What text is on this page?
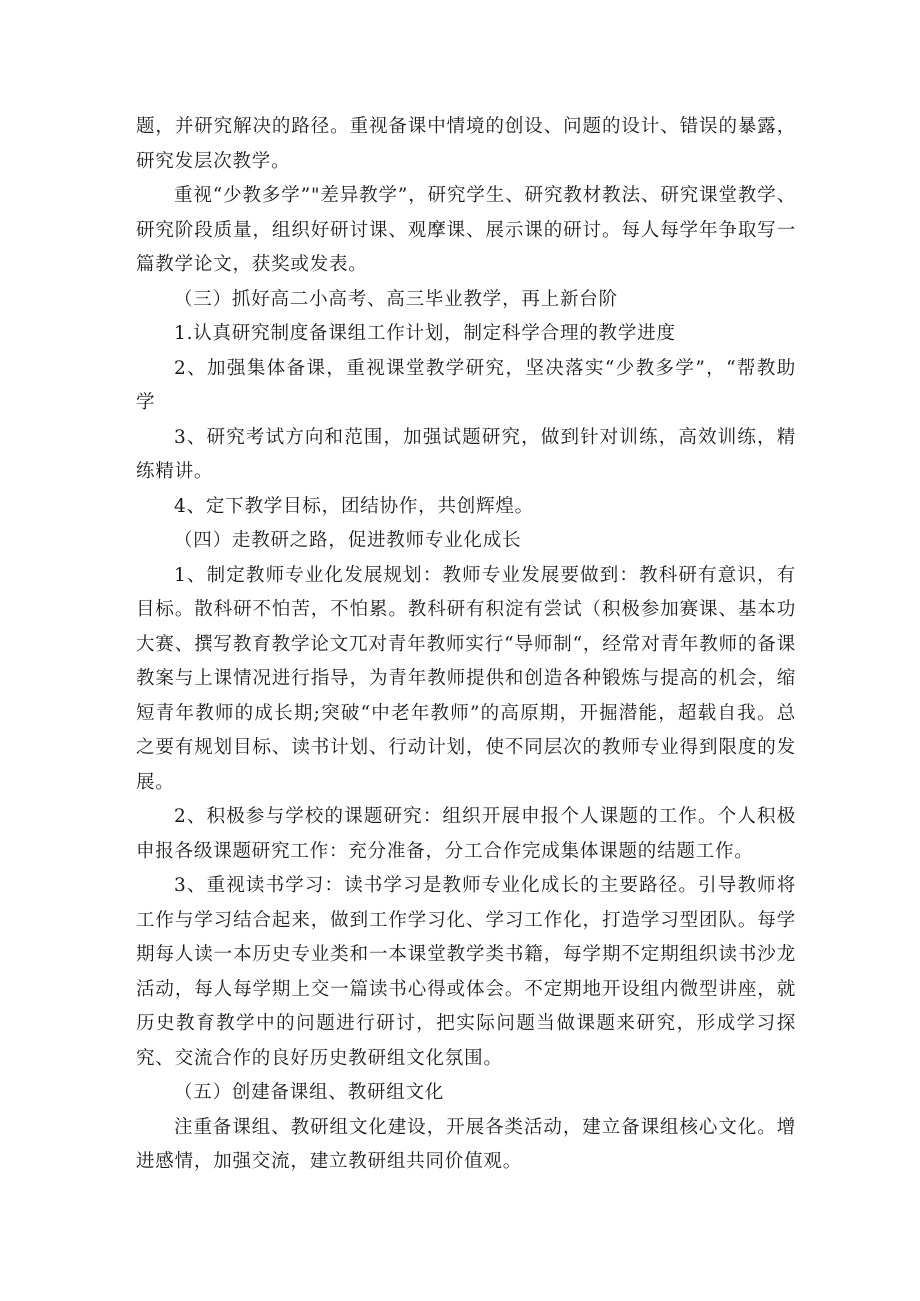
题，并研究解决的路径。重视备课中情境的创设、问题的设计、错误的暴露，研究发层次教学。

重视“少教多学”"差异教学”，研究学生、研究教材教法、研究课堂教学、研究阶段质量，组织好研讨课、观摩课、展示课的研讨。每人每学年争取写一篇教学论文，获奖或发表。

（三）抓好高二小高考、高三毕业教学，再上新台阶

1.认真研究制度备课组工作计划，制定科学合理的教学进度

2、加强集体备课，重视课堂教学研究，坚决落实“少教多学”，“帮教助学

3、研究考试方向和范围，加强试题研究，做到针对训练，高效训练，精练精讲。

4、定下教学目标，团结协作，共创辉煌。

（四）走教研之路，促进教师专业化成长

1、制定教师专业化发展规划：教师专业发展要做到：教科研有意识，有目标。散科研不怕苦，不怕累。教科研有积淀有尝试（积极参加赛课、基本功大赛、撰写教育教学论文兀对青年教师实行“导师制“，经常对青年教师的备课教案与上课情况进行指导，为青年教师提供和创造各种锻炼与提高的机会，缩短青年教师的成长期;突破“中老年教师”的高原期，开掘潜能，超载自我。总之要有规划目标、读书计划、行动计划，使不同层次的教师专业得到限度的发展。

2、积极参与学校的课题研究：组织开展申报个人课题的工作。个人积极申报各级课题研究工作：充分准备，分工合作完成集体课题的结题工作。

3、重视读书学习：读书学习是教师专业化成长的主要路径。引导教师将工作与学习结合起来，做到工作学习化、学习工作化，打造学习型团队。每学期每人读一本历史专业类和一本课堂教学类书籍，每学期不定期组织读书沙龙活动，每人每学期上交一篇读书心得或体会。不定期地开设组内微型讲座，就历史教育教学中的问题进行研讨，把实际问题当做课题来研究，形成学习探究、交流合作的良好历史教研组文化氛围。

（五）创建备课组、教研组文化

注重备课组、教研组文化建设，开展各类活动，建立备课组核心文化。增进感情，加强交流，建立教研组共同价值观。
